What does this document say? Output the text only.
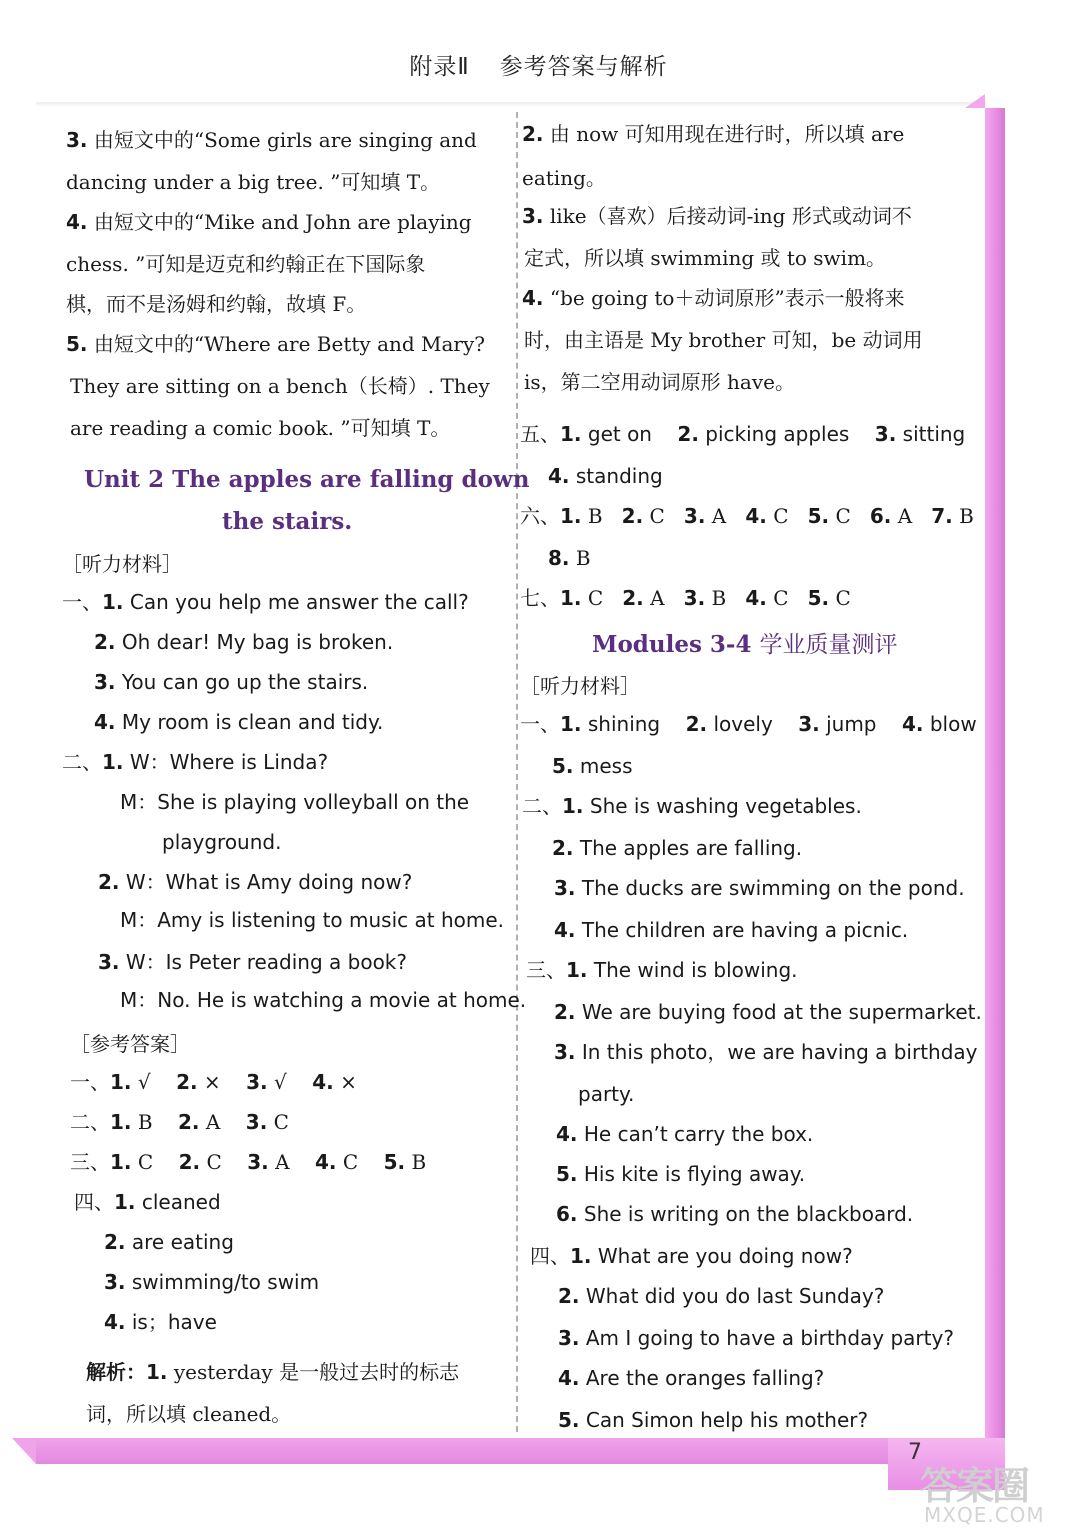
附录Ⅱ 参考答案与解析
7
答案圈
MXQE.COM
3. 由短文中的“Some girls are singing and
dancing under a big tree. ”可知填 T。
4. 由短文中的“Mike and John are playing
chess. ”可知是迈克和约翰正在下国际象
棋，而不是汤姆和约翰，故填 F。
5. 由短文中的“Where are Betty and Mary?
They are sitting on a bench（长椅）. They
are reading a comic book. ”可知填 T。
Unit 2 The apples are falling down
the stairs.
［听力材料］
一、1. Can you help me answer the call?
2. Oh dear! My bag is broken.
3. You can go up the stairs.
4. My room is clean and tidy.
二、1. W：Where is Linda?
M：She is playing volleyball on the
playground.
2. W：What is Amy doing now?
M：Amy is listening to music at home.
3. W：Is Peter reading a book?
M：No. He is watching a movie at home.
［参考答案］
一、1. √ 2. × 3. √ 4. ×
二、1. B 2. A 3. C
三、1. C 2. C 3. A 4. C 5. B
四、1. cleaned
2. are eating
3. swimming/to swim
4. is；have
解析：1. yesterday 是一般过去时的标志
词，所以填 cleaned。
2. 由 now 可知用现在进行时，所以填 are
eating。
3. like（喜欢）后接动词-ing 形式或动词不
定式，所以填 swimming 或 to swim。
4. “be going to＋动词原形”表示一般将来
时，由主语是 My brother 可知，be 动词用
is，第二空用动词原形 have。
五、1. get on 2. picking apples 3. sitting
4. standing
六、1. B 2. C 3. A 4. C 5. C 6. A 7. B
8. B
七、1. C 2. A 3. B 4. C 5. C
Modules 3-4 学业质量测评
［听力材料］
一、1. shining 2. lovely 3. jump 4. blow
5. mess
二、1. She is washing vegetables.
2. The apples are falling.
3. The ducks are swimming on the pond.
4. The children are having a picnic.
三、1. The wind is blowing.
2. We are buying food at the supermarket.
3. In this photo，we are having a birthday
party.
4. He can’t carry the box.
5. His kite is flying away.
6. She is writing on the blackboard.
四、1. What are you doing now?
2. What did you do last Sunday?
3. Am I going to have a birthday party?
4. Are the oranges falling?
5. Can Simon help his mother?
